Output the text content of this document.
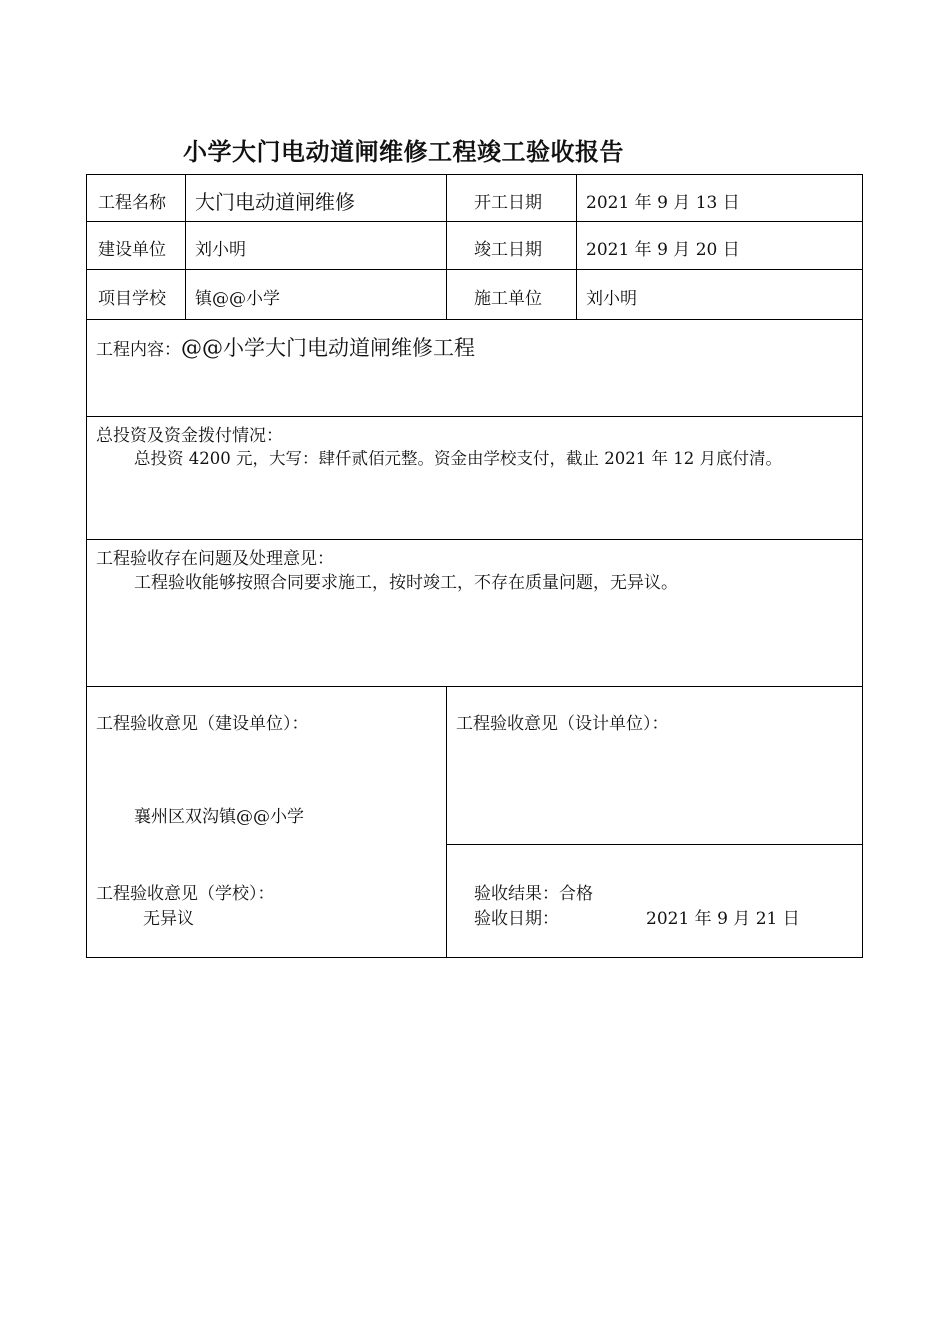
小学大门电动道闸维修工程竣工验收报告
工程名称 大门电动道闸维修	开工日期	2021 年 9 月 13 日
建设单位 刘小明	竣工日期	2021 年 9 月 20 日
项目学校 镇@@小学	施工单位	刘小明
工程内容：@@小学大门电动道闸维修工程
总投资及资金拨付情况：
总投资 4200 元，大写：肆仟贰佰元整。资金由学校支付，截止 2021 年 12 月底付清。
工程验收存在问题及处理意见：
工程验收能够按照合同要求施工，按时竣工，不存在质量问题，无异议。
工程验收意见（建设单位）：
襄州区双沟镇@@小学
工程验收意见（设计单位）：
工程验收意见（学校）：
无异议
验收结果：合格
验收日期：	2021 年 9 月 21 日
